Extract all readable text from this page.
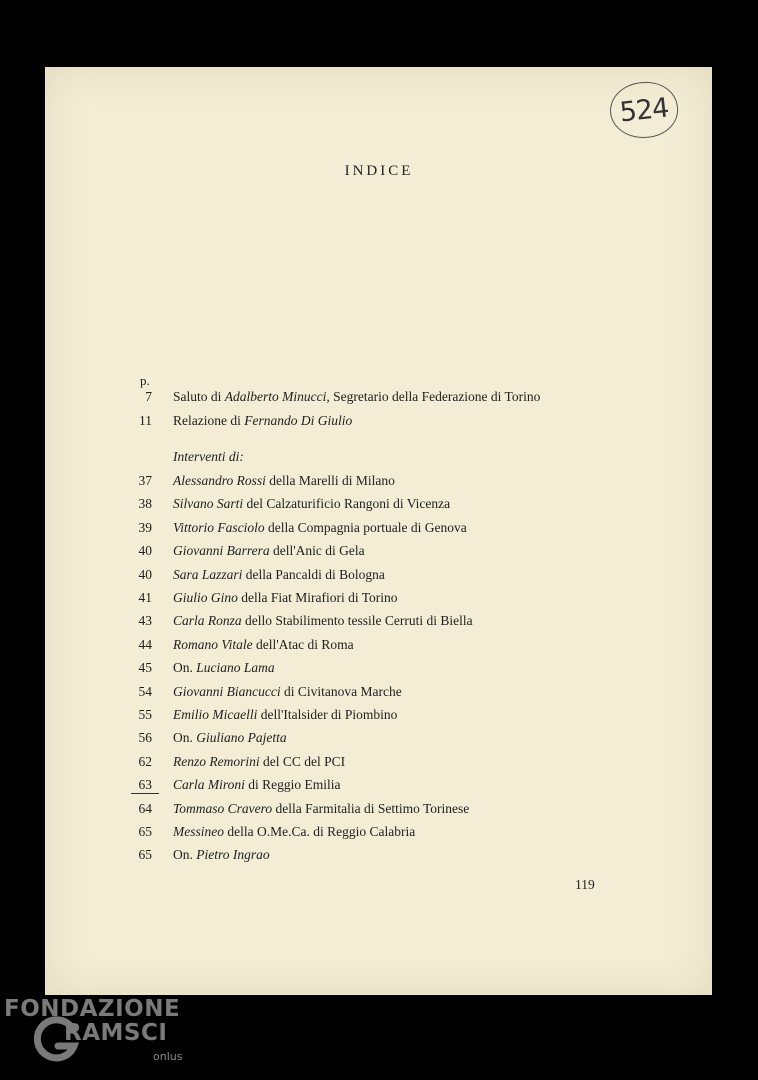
524
INDICE
p.
7 Saluto di Adalberto Minucci, Segretario della Federazione di Torino
11 Relazione di Fernando Di Giulio
Interventi di:
37 Alessandro Rossi della Marelli di Milano
38 Silvano Sarti del Calzaturificio Rangoni di Vicenza
39 Vittorio Fasciolo della Compagnia portuale di Genova
40 Giovanni Barrera dell'Anic di Gela
40 Sara Lazzari della Pancaldi di Bologna
41 Giulio Gino della Fiat Mirafiori di Torino
43 Carla Ronza dello Stabilimento tessile Cerruti di Biella
44 Romano Vitale dell'Atac di Roma
45 On. Luciano Lama
54 Giovanni Biancucci di Civitanova Marche
55 Emilio Micaelli dell'Italsider di Piombino
56 On. Giuliano Pajetta
62 Renzo Remorini del CC del PCI
63 Carla Mironi di Reggio Emilia
64 Tommaso Cravero della Farmitalia di Settimo Torinese
65 Messineo della O.Me.Ca. di Reggio Calabria
65 On. Pietro Ingrao
119
FONDAZIONE
RAMSCI
onlus
